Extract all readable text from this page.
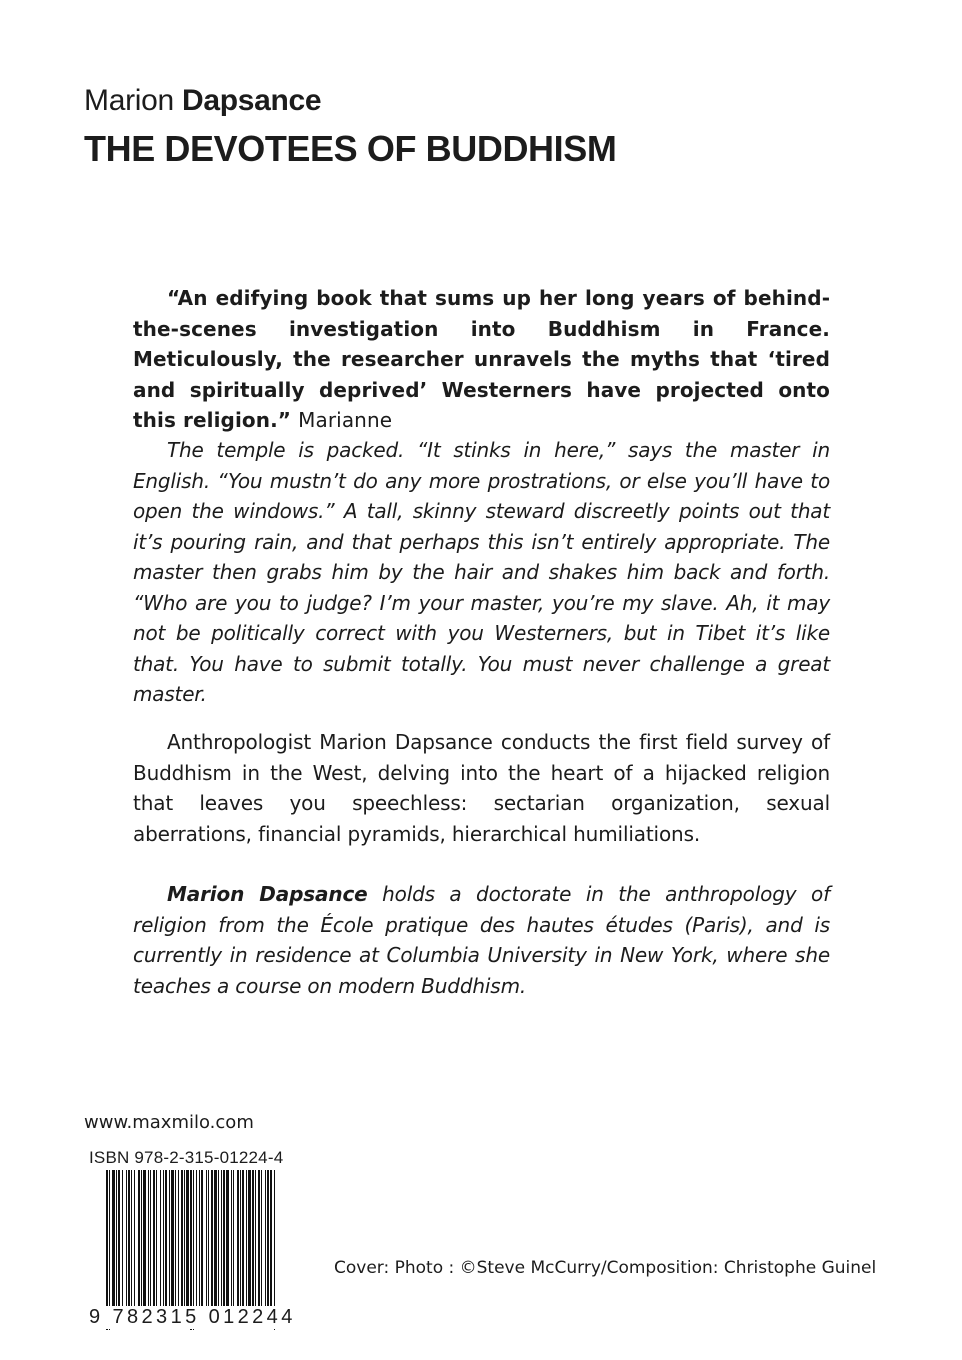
Marion Dapsance
THE DEVOTEES OF BUDDHISM

“An edifying book that sums up her long years of behindthe-scenes investigation into Buddhism in France. Meticulously, the researcher unravels the myths that ‘tired and spiritually deprived’ Westerners have projected onto this religion.” Marianne

The temple is packed. “It stinks in here,” says the master in English. “You mustn’t do any more prostrations, or else you’ll have to open the windows.” A tall, skinny steward discreetly points out that it’s pouring rain, and that perhaps this isn’t entirely appropriate. The master then grabs him by the hair and shakes him back and forth. “Who are you to judge? I’m your master, you’re my slave. Ah, it may not be politically correct with you Westerners, but in Tibet it’s like that. You have to submit totally. You must never challenge a great master.

Anthropologist Marion Dapsance conducts the first field survey of Buddhism in the West, delving into the heart of a hijacked religion that leaves you speechless: sectarian organization, sexual aberrations, financial pyramids, hierarchical humiliations.

Marion Dapsance holds a doctorate in the anthropology of religion from the École pratique des hautes études (Paris), and is currently in residence at Columbia University in New York, where she teaches a course on modern Buddhism.

www.maxmilo.com

ISBN 978-2-315-01224-4

9 782315 012244

Cover: Photo : ©Steve McCurry/Composition: Christophe Guinel
